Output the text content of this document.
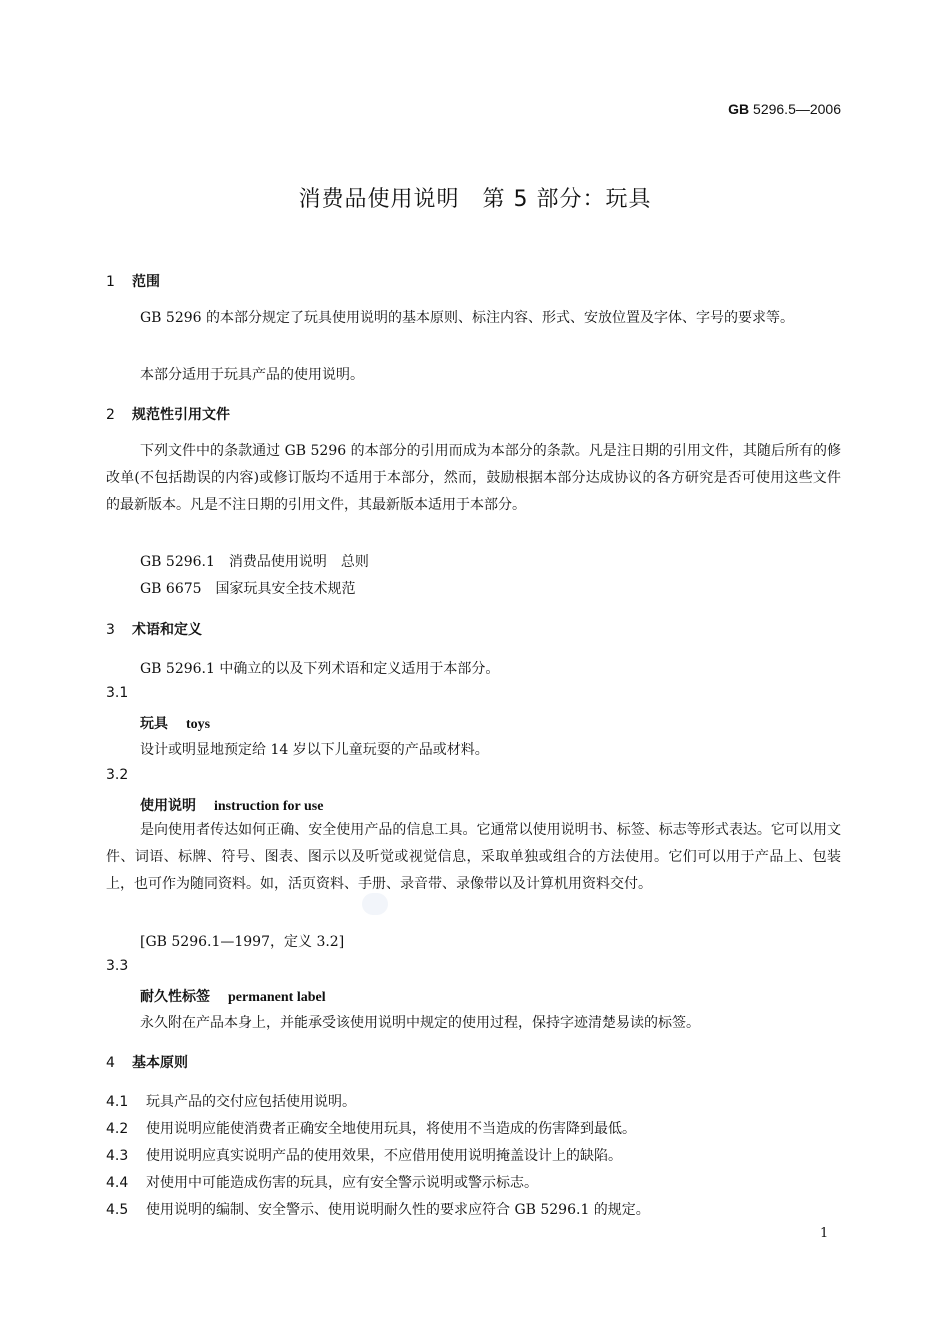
GB 5296.5—2006
消费品使用说明　第 5 部分：玩具
1 范围
GB 5296 的本部分规定了玩具使用说明的基本原则、标注内容、形式、安放位置及字体、字号的要求等。
本部分适用于玩具产品的使用说明。
2 规范性引用文件
下列文件中的条款通过 GB 5296 的本部分的引用而成为本部分的条款。凡是注日期的引用文件，其随后所有的修改单(不包括勘误的内容)或修订版均不适用于本部分，然而，鼓励根据本部分达成协议的各方研究是否可使用这些文件的最新版本。凡是不注日期的引用文件，其最新版本适用于本部分。
GB 5296.1　消费品使用说明　总则
GB 6675　国家玩具安全技术规范
3 术语和定义
GB 5296.1 中确立的以及下列术语和定义适用于本部分。
3.1
玩具 toys
设计或明显地预定给 14 岁以下儿童玩耍的产品或材料。
3.2
使用说明 instruction for use
是向使用者传达如何正确、安全使用产品的信息工具。它通常以使用说明书、标签、标志等形式表达。它可以用文件、词语、标牌、符号、图表、图示以及听觉或视觉信息，采取单独或组合的方法使用。它们可以用于产品上、包装上，也可作为随同资料。如，活页资料、手册、录音带、录像带以及计算机用资料交付。
[GB 5296.1—1997，定义 3.2]
3.3
耐久性标签 permanent label
永久附在产品本身上，并能承受该使用说明中规定的使用过程，保持字迹清楚易读的标签。
4 基本原则
4.1 玩具产品的交付应包括使用说明。
4.2 使用说明应能使消费者正确安全地使用玩具，将使用不当造成的伤害降到最低。
4.3 使用说明应真实说明产品的使用效果，不应借用使用说明掩盖设计上的缺陷。
4.4 对使用中可能造成伤害的玩具，应有安全警示说明或警示标志。
4.5 使用说明的编制、安全警示、使用说明耐久性的要求应符合 GB 5296.1 的规定。
1
